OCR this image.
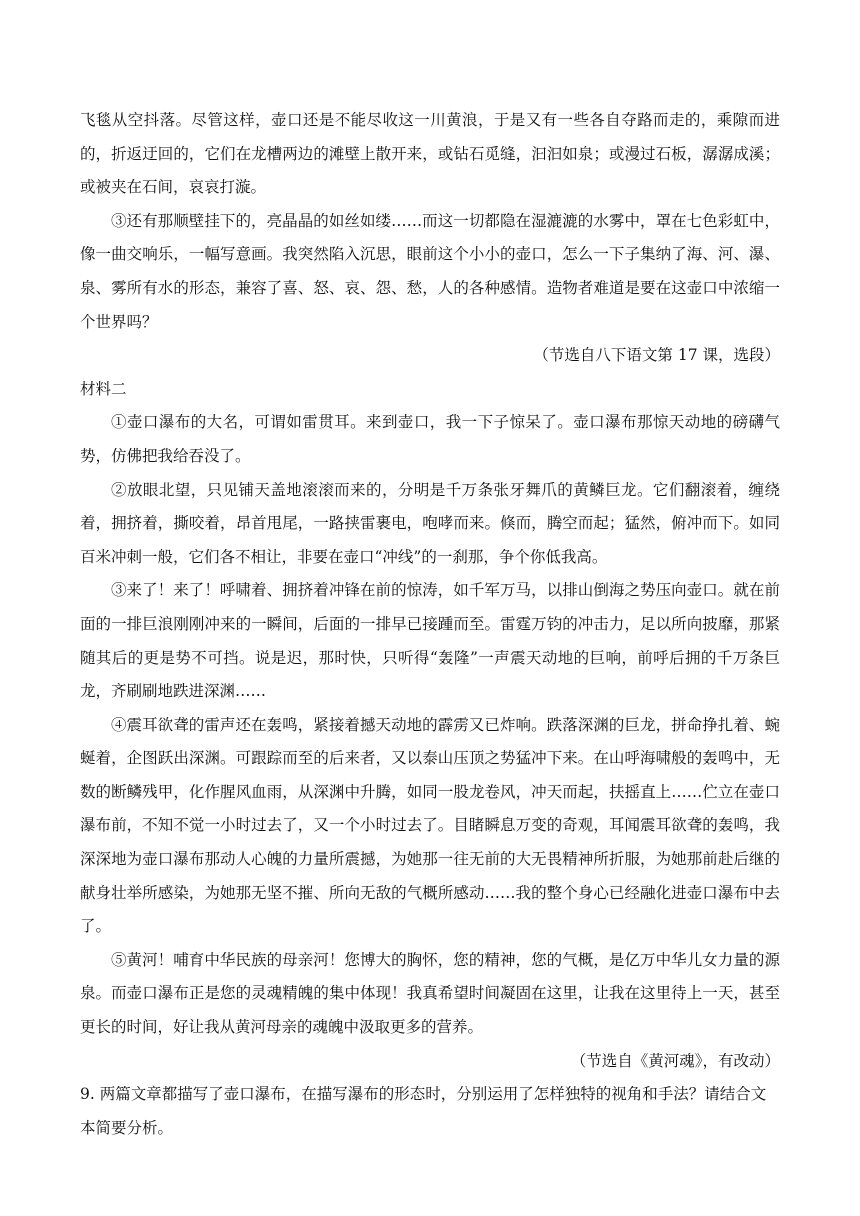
飞毯从空抖落。尽管这样，壶口还是不能尽收这一川黄浪，于是又有一些各自夺路而走的，乘隙而进的，折返迂回的，它们在龙槽两边的滩壁上散开来，或钻石觅缝，汩汩如泉；或漫过石板，潺潺成溪；或被夹在石间，哀哀打漩。

③还有那顺壁挂下的，亮晶晶的如丝如缕……而这一切都隐在湿漉漉的水雾中，罩在七色彩虹中，像一曲交响乐，一幅写意画。我突然陷入沉思，眼前这个小小的壶口，怎么一下子集纳了海、河、瀑、泉、雾所有水的形态，兼容了喜、怒、哀、怨、愁，人的各种感情。造物者难道是要在这壶口中浓缩一个世界吗？

（节选自八下语文第 17 课，选段）

材料二

①壶口瀑布的大名，可谓如雷贯耳。来到壶口，我一下子惊呆了。壶口瀑布那惊天动地的磅礴气势，仿佛把我给吞没了。

②放眼北望，只见铺天盖地滚滚而来的，分明是千万条张牙舞爪的黄鳞巨龙。它们翻滚着，缠绕着，拥挤着，撕咬着，昂首甩尾，一路挟雷裹电，咆哮而来。倏而，腾空而起；猛然，俯冲而下。如同百米冲刺一般，它们各不相让，非要在壶口“冲线”的一刹那，争个你低我高。

③来了！来了！呼啸着、拥挤着冲锋在前的惊涛，如千军万马，以排山倒海之势压向壶口。就在前面的一排巨浪刚刚冲来的一瞬间，后面的一排早已接踵而至。雷霆万钧的冲击力，足以所向披靡，那紧随其后的更是势不可挡。说是迟，那时快，只听得“轰隆”一声震天动地的巨响，前呼后拥的千万条巨龙，齐刷刷地跌进深渊……

④震耳欲聋的雷声还在轰鸣，紧接着撼天动地的霹雳又已炸响。跌落深渊的巨龙，拼命挣扎着、蜿蜒着，企图跃出深渊。可跟踪而至的后来者，又以泰山压顶之势猛冲下来。在山呼海啸般的轰鸣中，无数的断鳞残甲，化作腥风血雨，从深渊中升腾，如同一股龙卷风，冲天而起，扶摇直上……伫立在壶口瀑布前，不知不觉一小时过去了，又一个小时过去了。目睹瞬息万变的奇观，耳闻震耳欲聋的轰鸣，我深深地为壶口瀑布那动人心魄的力量所震撼，为她那一往无前的大无畏精神所折服，为她那前赴后继的献身壮举所感染，为她那无坚不摧、所向无敌的气概所感动……我的整个身心已经融化进壶口瀑布中去了。

⑤黄河！哺育中华民族的母亲河！您博大的胸怀，您的精神，您的气概，是亿万中华儿女力量的源泉。而壶口瀑布正是您的灵魂精魄的集中体现！我真希望时间凝固在这里，让我在这里待上一天，甚至更长的时间，好让我从黄河母亲的魂魄中汲取更多的营养。

（节选自《黄河魂》，有改动）

9. 两篇文章都描写了壶口瀑布，在描写瀑布的形态时，分别运用了怎样独特的视角和手法？请结合文本简要分析。
